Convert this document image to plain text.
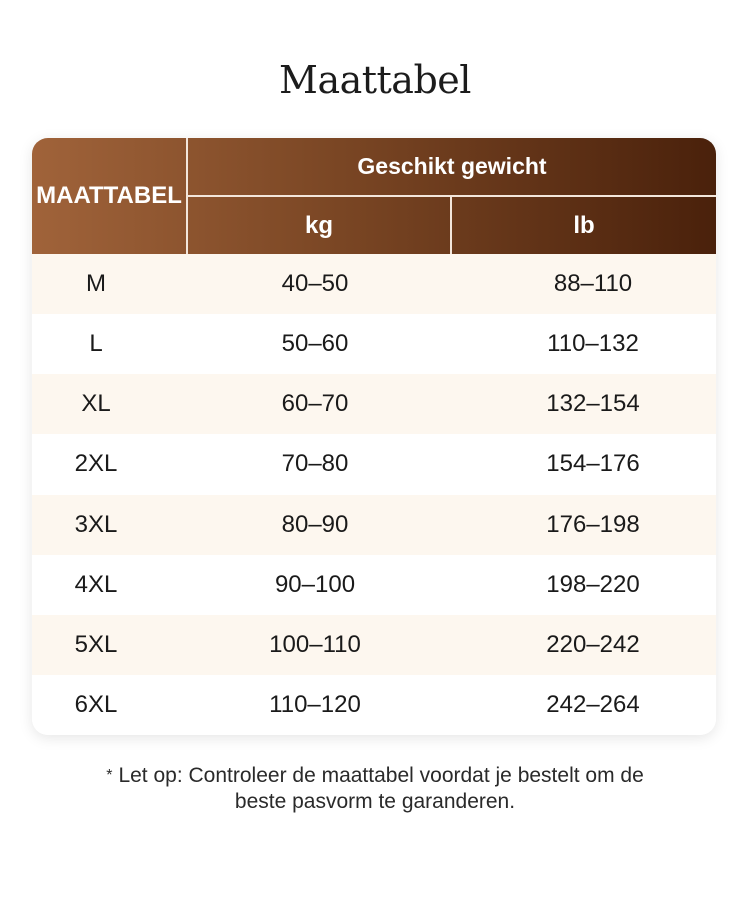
Maattabel
MAATTABEL
Geschikt gewicht
kg	lb
M	40–50	88–110
L	50–60	110–132
XL	60–70	132–154
2XL	70–80	154–176
3XL	80–90	176–198
4XL	90–100	198–220
5XL	100–110	220–242
6XL	110–120	242–264
* Let op: Controleer de maattabel voordat je bestelt om de
beste pasvorm te garanderen.
